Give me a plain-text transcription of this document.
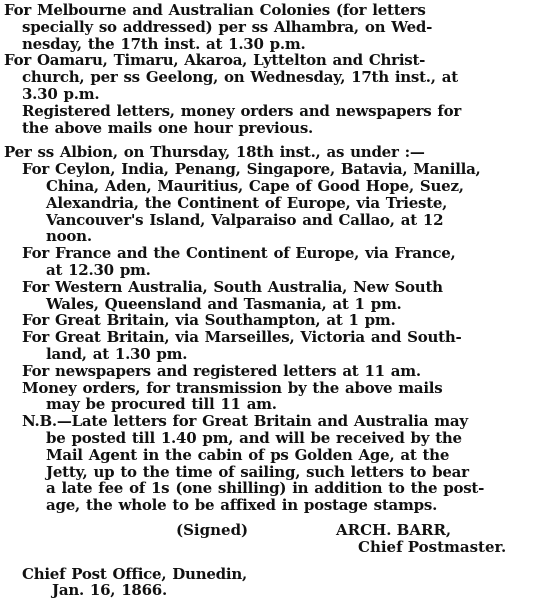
For Melbourne and Australian Colonies (for letters
specially so addressed) per ss Alhambra, on Wed-
nesday, the 17th inst. at 1.30 p.m.
For Oamaru, Timaru, Akaroa, Lyttelton and Christ-
church, per ss Geelong, on Wednesday, 17th inst., at
3.30 p.m.
Registered letters, money orders and newspapers for
the above mails one hour previous.
Per ss Albion, on Thursday, 18th inst., as under :—
For Ceylon, India, Penang, Singapore, Batavia, Manilla,
China, Aden, Mauritius, Cape of Good Hope, Suez,
Alexandria, the Continent of Europe, via Trieste,
Vancouver's Island, Valparaiso and Callao, at 12
noon.
For France and the Continent of Europe, via France,
at 12.30 pm.
For Western Australia, South Australia, New South
Wales, Queensland and Tasmania, at 1 pm.
For Great Britain, via Southampton, at 1 pm.
For Great Britain, via Marseilles, Victoria and South-
land, at 1.30 pm.
For newspapers and registered letters at 11 am.
Money orders, for transmission by the above mails
may be procured till 11 am.
N.B.—Late letters for Great Britain and Australia may
be posted till 1.40 pm, and will be received by the
Mail Agent in the cabin of ps Golden Age, at the
Jetty, up to the time of sailing, such letters to bear
a late fee of 1s (one shilling) in addition to the post-
age, the whole to be affixed in postage stamps.
(Signed)	ARCH. BARR,
Chief Postmaster.
Chief Post Office, Dunedin,
Jan. 16, 1866.
